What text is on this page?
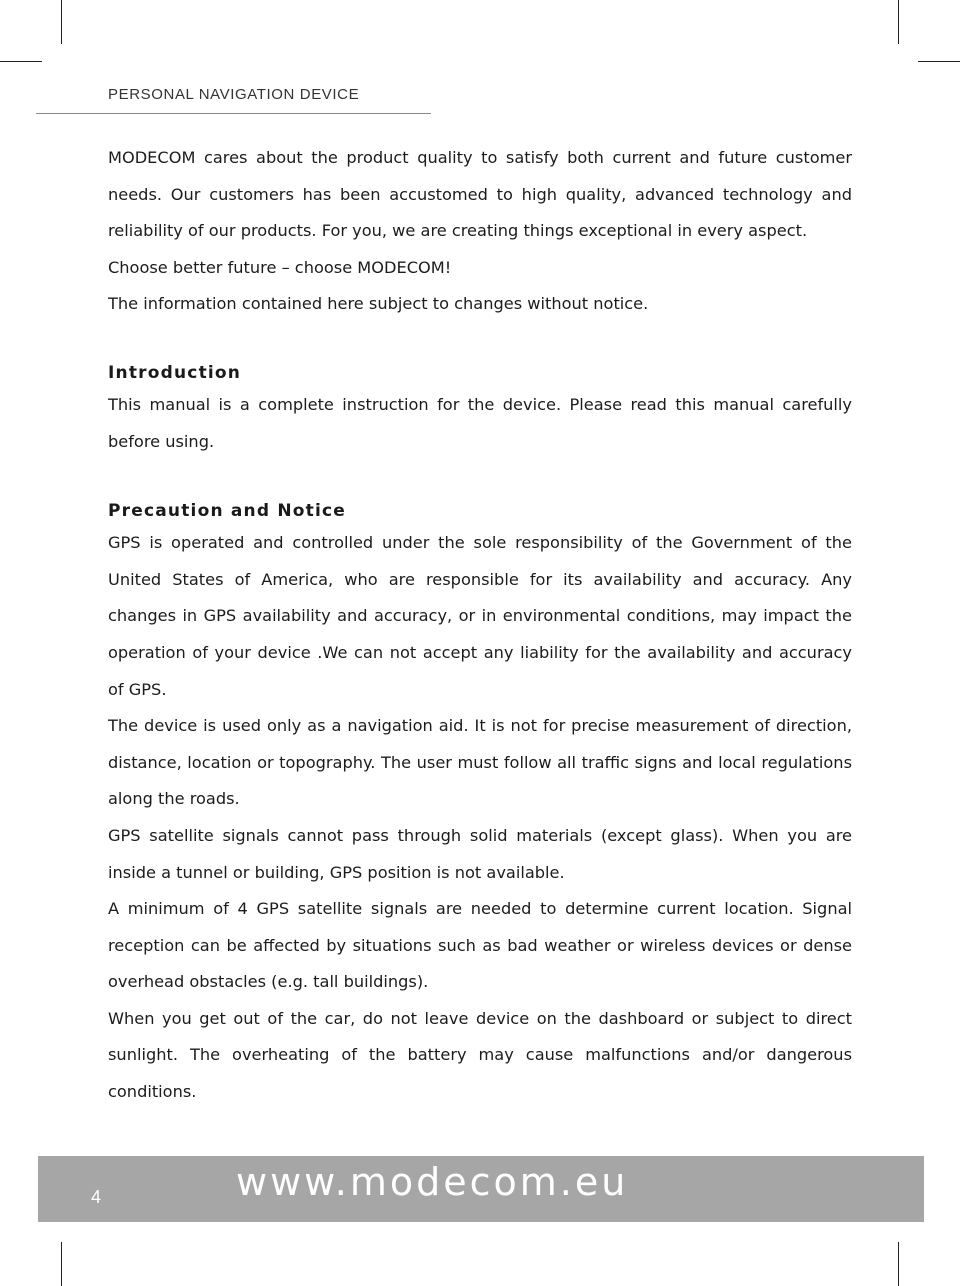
PERSONAL NAVIGATION DEVICE

MODECOM cares about the product quality to satisfy both current and future customer needs. Our customers has been accustomed to high quality, advanced technology and reliability of our products. For you, we are creating things exceptional in every aspect.

Choose better future – choose MODECOM!

The information contained here subject to changes without notice.

Introduction

This manual is a complete instruction for the device. Please read this manual carefully before using.

Precaution and Notice

GPS is operated and controlled under the sole responsibility of the Government of the United States of America, who are responsible for its availability and accuracy. Any changes in GPS availability and accuracy, or in environmental conditions, may impact the operation of your device .We can not accept any liability for the availability and accuracy of GPS.

The device is used only as a navigation aid. It is not for precise measurement of direction, distance, location or topography. The user must follow all traffic signs and local regulations along the roads.

GPS satellite signals cannot pass through solid materials (except glass). When you are inside a tunnel or building, GPS position is not available.

A minimum of 4 GPS satellite signals are needed to determine current location. Signal reception can be affected by situations such as bad weather or wireless devices or dense overhead obstacles (e.g. tall buildings).

When you get out of the car, do not leave device on the dashboard or subject to direct sunlight. The overheating of the battery may cause malfunctions and/or dangerous conditions.

4	www.modecom.eu
